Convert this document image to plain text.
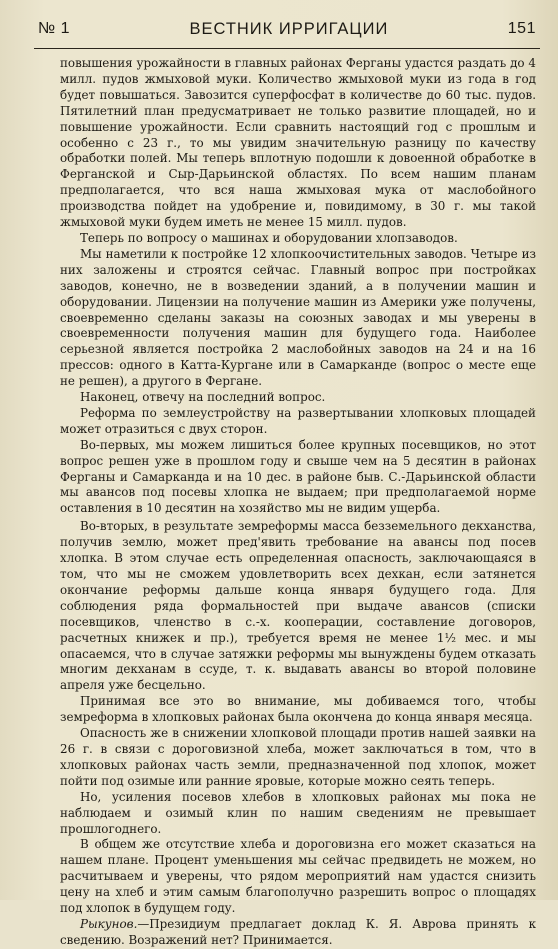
№ 1	ВЕСТНИК ИРРИГАЦИИ	151

повышения урожайности в главных районах Ферганы удастся раздать до 4 милл. пудов жмыховой муки. Количество жмыховой муки из года в год будет повышаться. Завозится суперфосфат в количестве до 60 тыс. пудов. Пятилетний план предусматривает не только развитие площадей, но и повышение урожайности. Если сравнить настоящий год с прошлым и особенно с 23 г., то мы увидим значительную разницу по качеству обработки полей. Мы теперь вплотную подошли к довоенной обработке в Ферганской и Сыр-Дарьинской областях. По всем нашим планам предполагается, что вся наша жмыховая мука от маслобойного производства пойдет на удобрение и, повидимому, в 30 г. мы такой жмыховой муки будем иметь не менее 15 милл. пудов.

Теперь по вопросу о машинах и оборудовании хлопзаводов.

Мы наметили к постройке 12 хлопкоочистительных заводов. Четыре из них заложены и строятся сейчас. Главный вопрос при постройках заводов, конечно, не в возведении зданий, а в получении машин и оборудовании. Лицензии на получение машин из Америки уже получены, своевременно сделаны заказы на союзных заводах и мы уверены в своевременности получения машин для будущего года. Наиболее серьезной является постройка 2 маслобойных заводов на 24 и на 16 прессов: одного в Катта-Кургане или в Самарканде (вопрос о месте еще не решен), а другого в Фергане.

Наконец, отвечу на последний вопрос.

Реформа по землеустройству на развертывании хлопковых площадей может отразиться с двух сторон.

Во-первых, мы можем лишиться более крупных посевщиков, но этот вопрос решен уже в прошлом году и свыше чем на 5 десятин в районах Ферганы и Самарканда и на 10 дес. в районе быв. С.-Дарьинской области мы авансов под посевы хлопка не выдаем; при предполагаемой норме оставления в 10 десятин на хозяйство мы не видим ущерба.

Во-вторых, в результате земреформы масса безземельного декханства, получив землю, может пред'явить требование на авансы под посев хлопка. В этом случае есть определенная опасность, заключающаяся в том, что мы не сможем удовлетворить всех дехкан, если затянется окончание реформы дальше конца января будущего года. Для соблюдения ряда формальностей при выдаче авансов (списки посевщиков, членство в с.-х. кооперации, составление договоров, расчетных книжек и пр.), требуется время не менее 1½ мес. и мы опасаемся, что в случае затяжки реформы мы вынуждены будем отказать многим декханам в ссуде, т. к. выдавать авансы во второй половине апреля уже бесцельно.

Принимая все это во внимание, мы добиваемся того, чтобы земреформа в хлопковых районах была окончена до конца января месяца.

Опасность же в снижении хлопковой площади против нашей заявки на 26 г. в связи с дороговизной хлеба, может заключаться в том, что в хлопковых районах часть земли, предназначенной под хлопок, может пойти под озимые или ранние яровые, которые можно сеять теперь.

Но, усиления посевов хлебов в хлопковых районах мы пока не наблюдаем и озимый клин по нашим сведениям не превышает прошлогоднего.

В общем же отсутствие хлеба и дороговизна его может сказаться на нашем плане. Процент уменьшения мы сейчас предвидеть не можем, но расчитываем и уверены, что рядом мероприятий нам удастся снизить цену на хлеб и этим самым благополучно разрешить вопрос о площадях под хлопок в будущем году.

Рыкунов.—Президиум предлагает доклад К. Я. Аврова принять к сведению. Возражений нет? Принимается.
